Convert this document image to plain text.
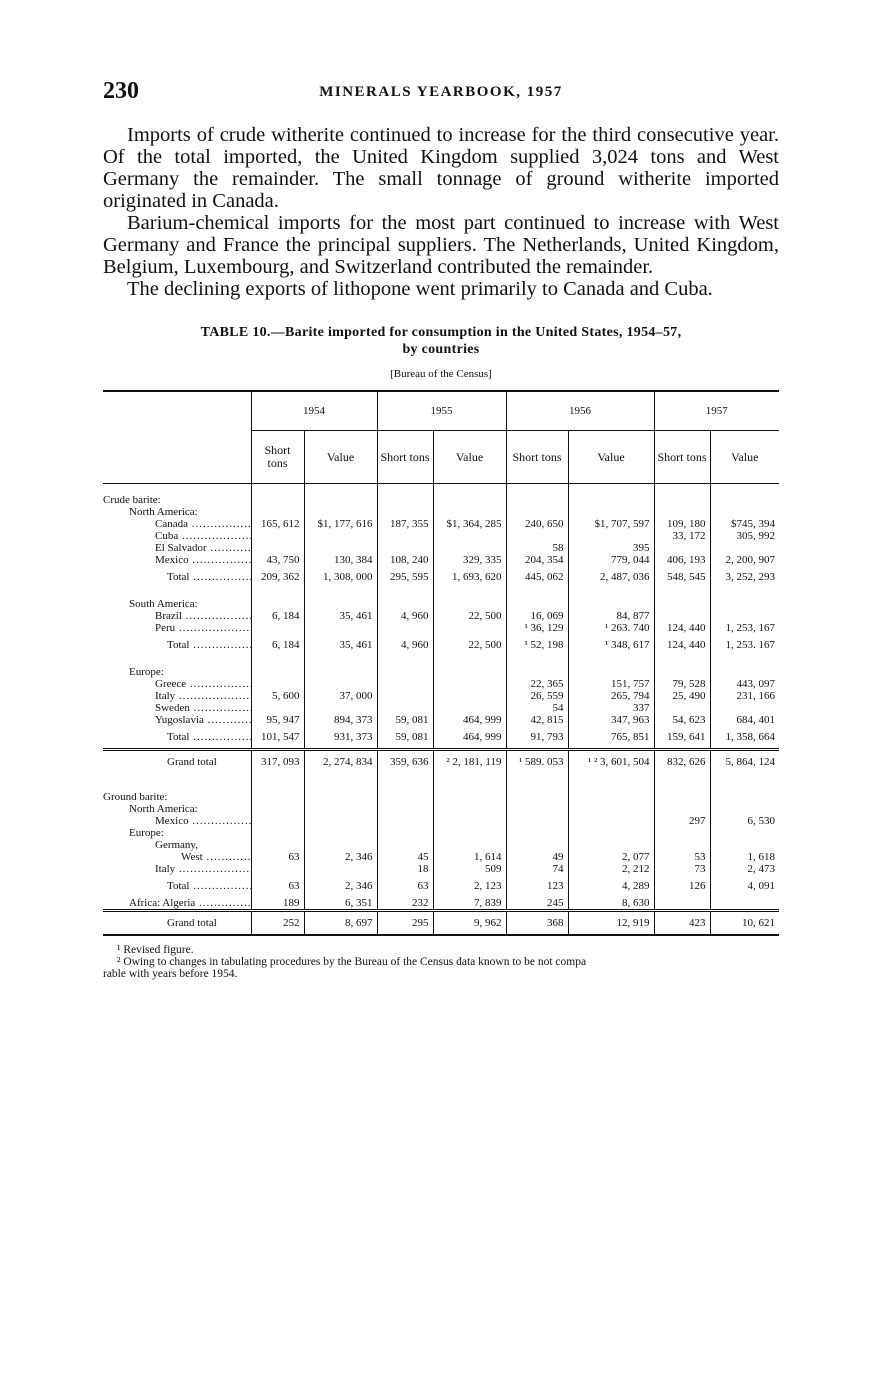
230	MINERALS YEARBOOK, 1957

Imports of crude witherite continued to increase for the third consecutive year. Of the total imported, the United Kingdom supplied 3,024 tons and West Germany the remainder. The small tonnage of ground witherite imported originated in Canada.

Barium-chemical imports for the most part continued to increase with West Germany and France the principal suppliers. The Netherlands, United Kingdom, Belgium, Luxembourg, and Switzerland contributed the remainder.

The declining exports of lithopone went primarily to Canada and Cuba.

TABLE 10.—Barite imported for consumption in the United States, 1954–57,
by countries
[Bureau of the Census]
	1954		1955		1956		1957	
	Short tons	Value	Short tons	Value	Short tons	Value	Short tons	Value

Crude barite:								
North America:								
Canada .....	165, 612	$1, 177, 616	187, 355	$1, 364, 285	240, 650	$1, 707, 597	109, 180	$745, 394
Cuba .....							33, 172	305, 992
El Salvador .....					58	395		
Mexico .....	43, 750	130, 384	108, 240	329, 335	204, 354	779, 044	406, 193	2, 200, 907
Total .....	209, 362	1, 308, 000	295, 595	1, 693, 620	445, 062	2, 487, 036	548, 545	3, 252, 293

South America:								
Brazil .....	6, 184	35, 461	4, 960	22, 500	16, 069	84, 877		
Peru .....					¹ 36, 129	¹ 263. 740	124, 440	1, 253, 167
Total .....	6, 184	35, 461	4, 960	22, 500	¹ 52, 198	¹ 348, 617	124, 440	1, 253. 167

Europe:								
Greece .....					22, 365	151, 757	79, 528	443, 097
Italy .....	5, 600	37, 000			26, 559	265, 794	25, 490	231, 166
Sweden .....					54	337		
Yugoslavia .....	95, 947	894, 373	59, 081	464, 999	42, 815	347, 963	54, 623	684, 401
Total .....	101, 547	931, 373	59, 081	464, 999	91, 793	765, 851	159, 641	1, 358, 664
Grand total	317, 093	2, 274, 834	359, 636	² 2, 181, 119	¹ 589. 053	¹ ² 3, 601, 504	832, 626	5, 864, 124

Ground barite:								
North America:								
Mexico .....							297	6, 530
Europe:								
Germany,								
West .....	63	2, 346	45	1, 614	49	2, 077	53	1, 618
Italy .....			18	509	74	2, 212	73	2, 473
Total .....	63	2, 346	63	2, 123	123	4, 289	126	4, 091
Africa: Algeria .....	189	6, 351	232	7, 839	245	8, 630		
Grand total	252	8, 697	295	9, 962	368	12, 919	423	10, 621

¹ Revised figure.

² Owing to changes in tabulating procedures by the Bureau of the Census data known to be not compa

rable with years before 1954.
